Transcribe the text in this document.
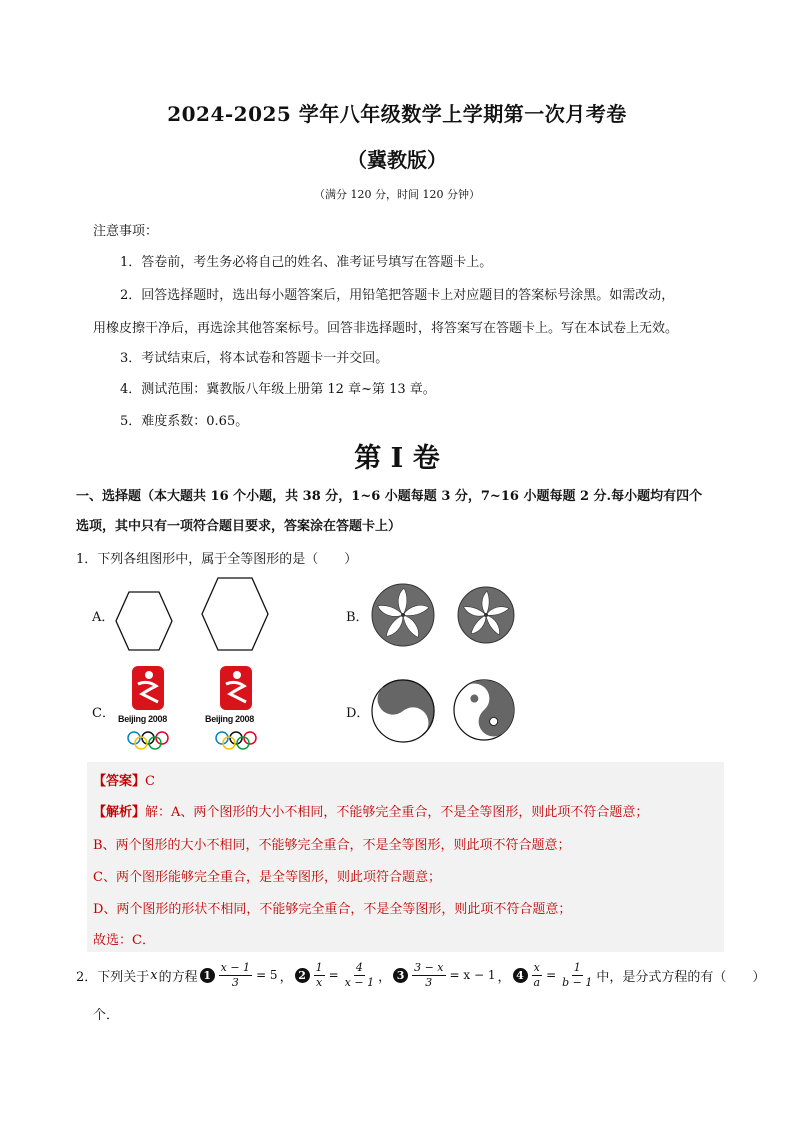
2024-2025 学年八年级数学上学期第一次月考卷
（冀教版）
（满分 120 分，时间 120 分钟）
注意事项：
1．答卷前，考生务必将自己的姓名、准考证号填写在答题卡上。
2．回答选择题时，选出每小题答案后，用铅笔把答题卡上对应题目的答案标号涂黑。如需改动，
用橡皮擦干净后，再选涂其他答案标号。回答非选择题时，将答案写在答题卡上。写在本试卷上无效。
3．考试结束后，将本试卷和答题卡一并交回。
4．测试范围：冀教版八年级上册第 12 章~第 13 章。
5．难度系数：0.65。
第 I 卷
一、选择题（本大题共 16 个小题，共 38 分，1~6 小题每题 3 分，7~16 小题每题 2 分.每小题均有四个
选项，其中只有一项符合题目要求，答案涂在答题卡上）
1．下列各组图形中，属于全等图形的是（　　）
A．	B．
C． Beijing 2008	Beijing 2008	D．
【答案】C
【解析】解：A、两个图形的大小不相同，不能够完全重合，不是全等图形，则此项不符合题意；
B、两个图形的大小不相同，不能够完全重合，不是全等图形，则此项不符合题意；
C、两个图形能够完全重合，是全等图形，则此项符合题意；
D、两个图形的形状不相同，不能够完全重合，不是全等图形，则此项不符合题意；
故选：C．
2．下列关于 x 的方程 $1 \frac{x - 1}{3} = 5$ ， $2 \frac{1}{x} = \frac{4}{x - 1}$ ， $3 \frac{3 - x}{3} = x - 1$ ， $4 \frac{x}{a} = \frac{1}{b - 1}$ 中，是分式方程的有（　　）
个．
